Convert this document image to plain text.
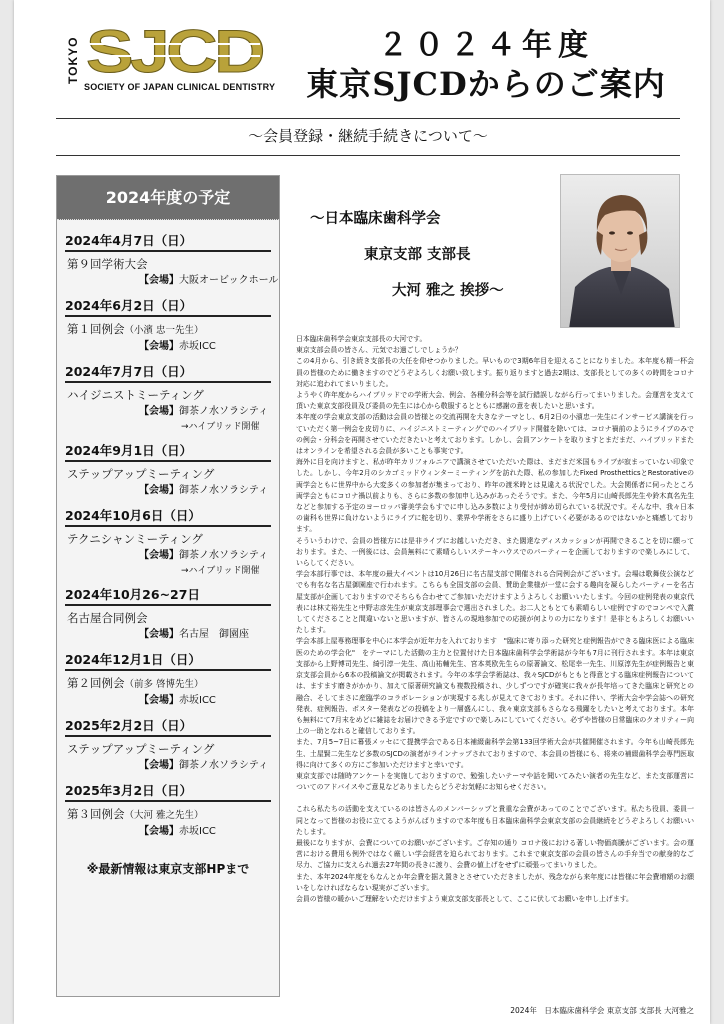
TOKYO SJCD
SOCIETY OF JAPAN CLINICAL DENTISTRY
２０２４年度
東京SJCDからのご案内
〜会員登録・継続手続きについて〜
2024年度の予定
2024年4月7日（日）
第９回学術大会
【会場】大阪オービックホール
2024年6月2日（日）
第１回例会（小濱 忠一先生）
【会場】赤坂ICC
2024年7月7日（日）
ハイジニストミーティング
【会場】御茶ノ水ソラシティ
→ハイブリッド開催
2024年9月1日（日）
ステップアップミーティング
【会場】御茶ノ水ソラシティ
2024年10月6日（日）
テクニシャンミーティング
【会場】御茶ノ水ソラシティ
→ハイブリッド開催
2024年10月26~27日
名古屋合同例会
【会場】名古屋　御園座
2024年12月1日（日）
第２回例会（前多 啓博先生）
【会場】赤坂ICC
2025年2月2日（日）
ステップアップミーティング
【会場】御茶ノ水ソラシティ
2025年3月2日（日）
第３回例会（大河 雅之先生）
【会場】赤坂ICC
※最新情報は東京支部HPまで
〜日本臨床歯科学会
東京支部 支部長
大河 雅之 挨拶〜

日本臨床歯科学会東京支部長の大河です。

東京支部会員の皆さん、元気でお過ごしでしょうか？

この4月から、引き続き支部長の大任を仰せつかりました。早いもので3期6年目を迎えることになりました。本年度も精一杯会員の皆様のために働きますのでどうぞよろしくお願い致します。振り返りますと過去2期は、支部長としての多くの時間をコロナ対応に追われてまいりました。

ようやく昨年度からハイブリッドでの学術大会、例会、各種分科会等を試行錯誤しながら行ってまいりました。会運営を支えて頂いた東京支部役員及び委員の先生には心から敬服するとともに感謝の意を表したいと思います。

本年度の学会東京支部の活動は会員の皆様との交流再開を大きなテーマとし、6月2日の小濱忠一先生にインサービス講演を行っていただく第一例会を皮切りに、ハイジニストミーティングでのハイブリッド開催を除いては、コロナ禍前のようにライブのみでの例会・分科会を再開させていただきたいと考えております。しかし、会員アンケートを取りますとまだまだ、ハイブリッドまたはオンラインを希望される会員が多いことも事実です。

海外に目を向けますと、私が昨年カリフォルニアで講演させていただいた際は、まだまだ米国もライブが寂まっていない印象でした。しかし、今年2月のシカゴミッドウィンターミーティングを訪れた際、私の参加したFixed ProsthetticsとRestorativeの両学会ともに世界中から大変多くの参加者が集まっており、昨年の渡米時とは見違える状況でした。大会関係者に伺ったところ両学会ともにコロナ禍以前よりも、さらに多数の参加申し込みがあったそうです。また、今年5月に山崎長郎先生や鈴木真名先生などと参加する予定のヨーロッパ審美学会もすでに申し込み多数により受付が締め切られている状況です。そんな中、我々日本の歯科も世界に負けないようにライブに舵を切り、業界や学術をさらに盛り上げていく必要があるのではないかと痛感しております。

そういうわけで、会員の皆様方には是非ライブにお越しいただき、また闊達なディスカッションが再開できることを切に願っております。また、一例後には、会員無料にて素晴らしいステーキハウスでのパーティーを企画しておりますので楽しみにして、いらしてください。

学会本部行事では、本年度の最大イベントは10月26日に名古屋支部で開催される合同例会がございます。会場は歌舞伎公演などでも有名な名古屋御園座で行われます。こちらも全国支部の会員、賛助企業様が一堂に会する趣向を凝らしたパーティーを名古屋支部が企画しておりますのでそちらも合わせてご参加いただけますようよろしくお願いいたします。今回の症例発表の東京代表には林丈裕先生と中野志彦先生が東京支部理事会で選出されました。お二人ともとても素晴らしい症例ですのでコンペで入賞してくださることと間違いないと思いますが、皆さんの現地参加での応援が何よりの力になります！是非ともよろしくお願いいたします。

学会本部上屋専務理事を中心に本学会が近年力を入れております　"臨床に寄り添った研究と症例報告ができる臨床医による臨床医のための学会化"　をテーマにした活動の主力と位置付けた日本臨床歯科学会学術誌が今年も7月に刊行されます。本年は東京支部から上野博司先生、綺引淳一先生、高山祐輔先生、宮本英欧先生らの原著論文、松尾幸一先生、川原淳先生が症例報告と東京支部会員から6本の投稿論文が掲載されます。今年の本学会学術誌は、我々SJCDがもともと得意とする臨床症例報告については、ますます磨きがかかり、加えて原著研究論文も複数投稿され、少しずつですが確実に我々が長年培ってきた臨床と研究との融合、そしてまさに産臨学のコラボレーションが実現する兆しが見えてきております。それに伴い、学術大会や学会誌への研究発表、症例報告、ポスター発表などの投稿をより一層盛んにし、我々東京支部もさらなる飛躍をしたいと考えております。本年も無料にて7月末をめどに雑誌をお届けできる予定ですので楽しみにしていてください。必ずや皆様の日常臨床のクオリティー向上の一助となれると確信しております。

また、7月5~7日に幕張メッセにて提携学会である日本補綴歯科学会第133回学術大会が共催開催されます。今年も山崎長郎先生、土屋賢二先生など多数のSJCDの演者がラインナップされておりますので、本会員の皆様にも、将来の補綴歯科学会専門医取得に向けて多くの方にご参加いただけますと幸いです。

東京支部では随時アンケートを実施しておりますので、勉強したいテーマや話を聞いてみたい演者の先生など、また支部運営についてのアドバイスやご意見などありましたらどうぞお気軽にお知らせください。

これら私たちの活動を支えているのは皆さんのメンバーシップと貴重な会費があってのことでございます。私たち役員、委員一同となって皆様のお役に立てるようがんばりますので本年度も日本臨床歯科学会東京支部の会員継続をどうぞよろしくお願いいたします。

最後になりますが、会費についてのお願いがございます。ご存知の通り コロナ後における著しい物価高騰がございます。会の運営における費用も例外ではなく厳しい学会経営を迫られております。これまで東京支部の会員の皆さんの手弁当での献身的なご尽力、ご協力に支えられ過去27年間の長きに渡り、会費の値上げをせずに頑張ってまいりました。

また、本年2024年度をもなんとか年会費を据え置きとさせていただきましたが、残念ながら来年度には皆様に年会費増額のお願いをしなければならない現実がございます。

会員の皆様の暖かいご理解をいただけますよう東京支部支部長として、ここに伏してお願いを申し上げます。

2024年　日本臨床歯科学会 東京支部 支部長 大河雅之
